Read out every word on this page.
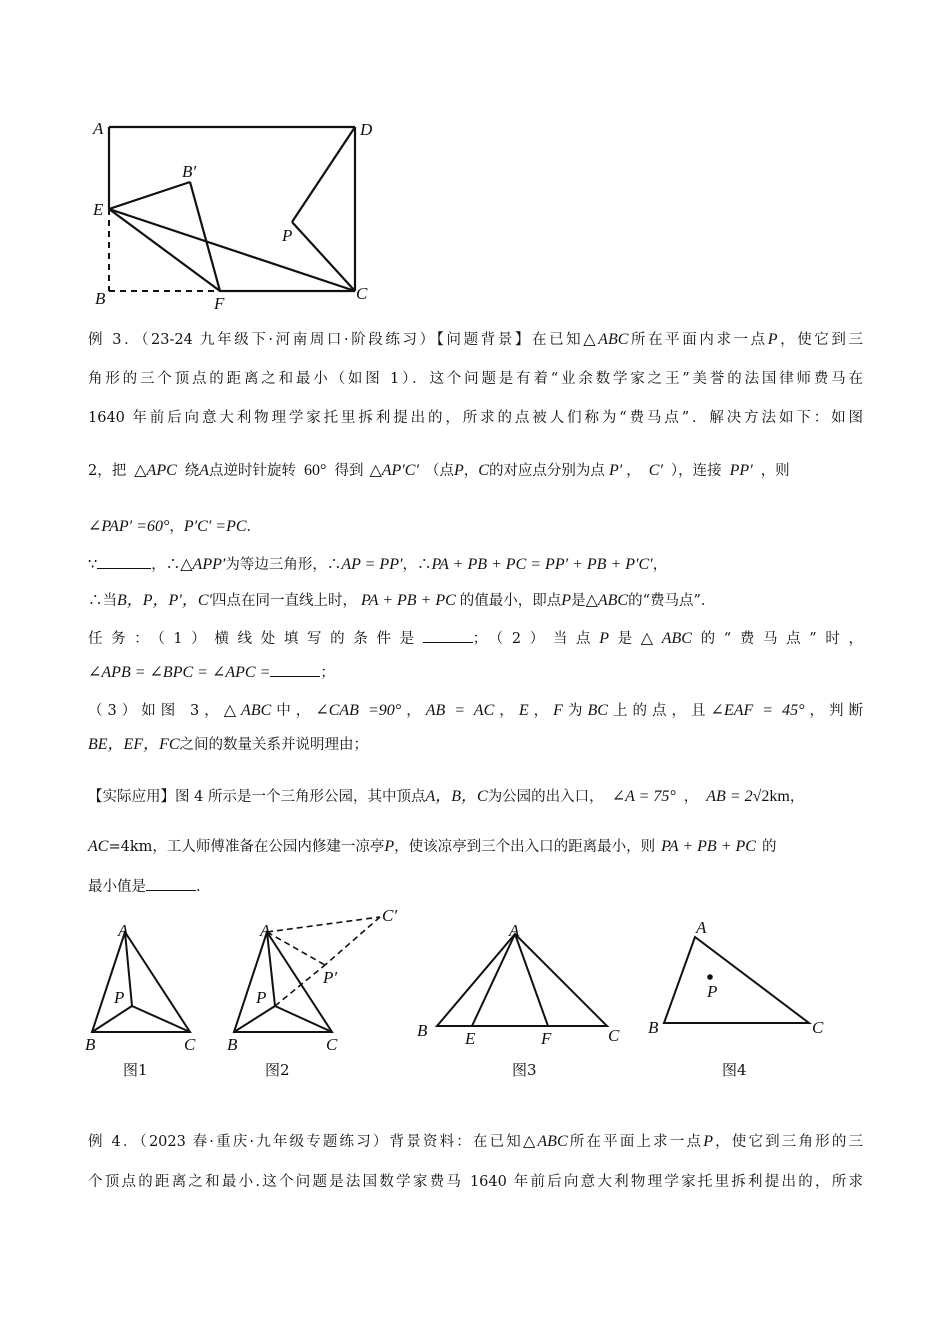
A	D
B′
E
P
B	F
C
例 3．（23-24 九年级下·河南周口·阶段练习）【问题背景】在已知△ABC所在平面内求一点P，使它到三
角形的三个顶点的距离之和最小（如图 1）．这个问题是有着“业余数学家之王”美誉的法国律师费马在
1640 年前后向意大利物理学家托里拆利提出的，所求的点被人们称为“费马点”．解决方法如下：如图
2，把 △APC 绕A点逆时针旋转 60° 得到 △AP′C′ （点P，C的对应点分别为点 P′ ， C′ ），连接 PP′ ，则
∠PAP′ =60°，P′C′ =PC．
∵	，∴△APP′为等边三角形，∴AP = PP′，∴PA + PB + PC = PP′ + PB + P′C′，
∴当B，P，P′，C′四点在同一直线上时， PA + PB + PC 的值最小，即点P是△ABC的“费马点”．
任务：（1）横线处填写的条件是	；（2）当点P是△ABC的“费马点”时，
∠APB = ∠BPC = ∠APC =	；
（3）如图 3，△ABC中，∠CAB =90°，AB = AC，E，F为BC上的点，且∠EAF = 45°，判断
BE，EF，FC之间的数量关系并说明理由；
【实际应用】图 4 所示是一个三角形公园，其中顶点A，B，C为公园的出入口， ∠A = 75° ， AB = 2√2km，
AC=4km，工人师傅准备在公园内修建一凉亭P，使该凉亭到三个出入口的距离最小，则 PA + PB + PC 的
最小值是	.
A
P
B	C
图1
A
C′
P′
P
B	C
图2
A
B E	F	C
图3
A
P
B	C
图4
例 4．（2023 春·重庆·九年级专题练习）背景资料：在已知△ABC所在平面上求一点P，使它到三角形的三
个顶点的距离之和最小.这个问题是法国数学家费马 1640 年前后向意大利物理学家托里拆利提出的，所求
